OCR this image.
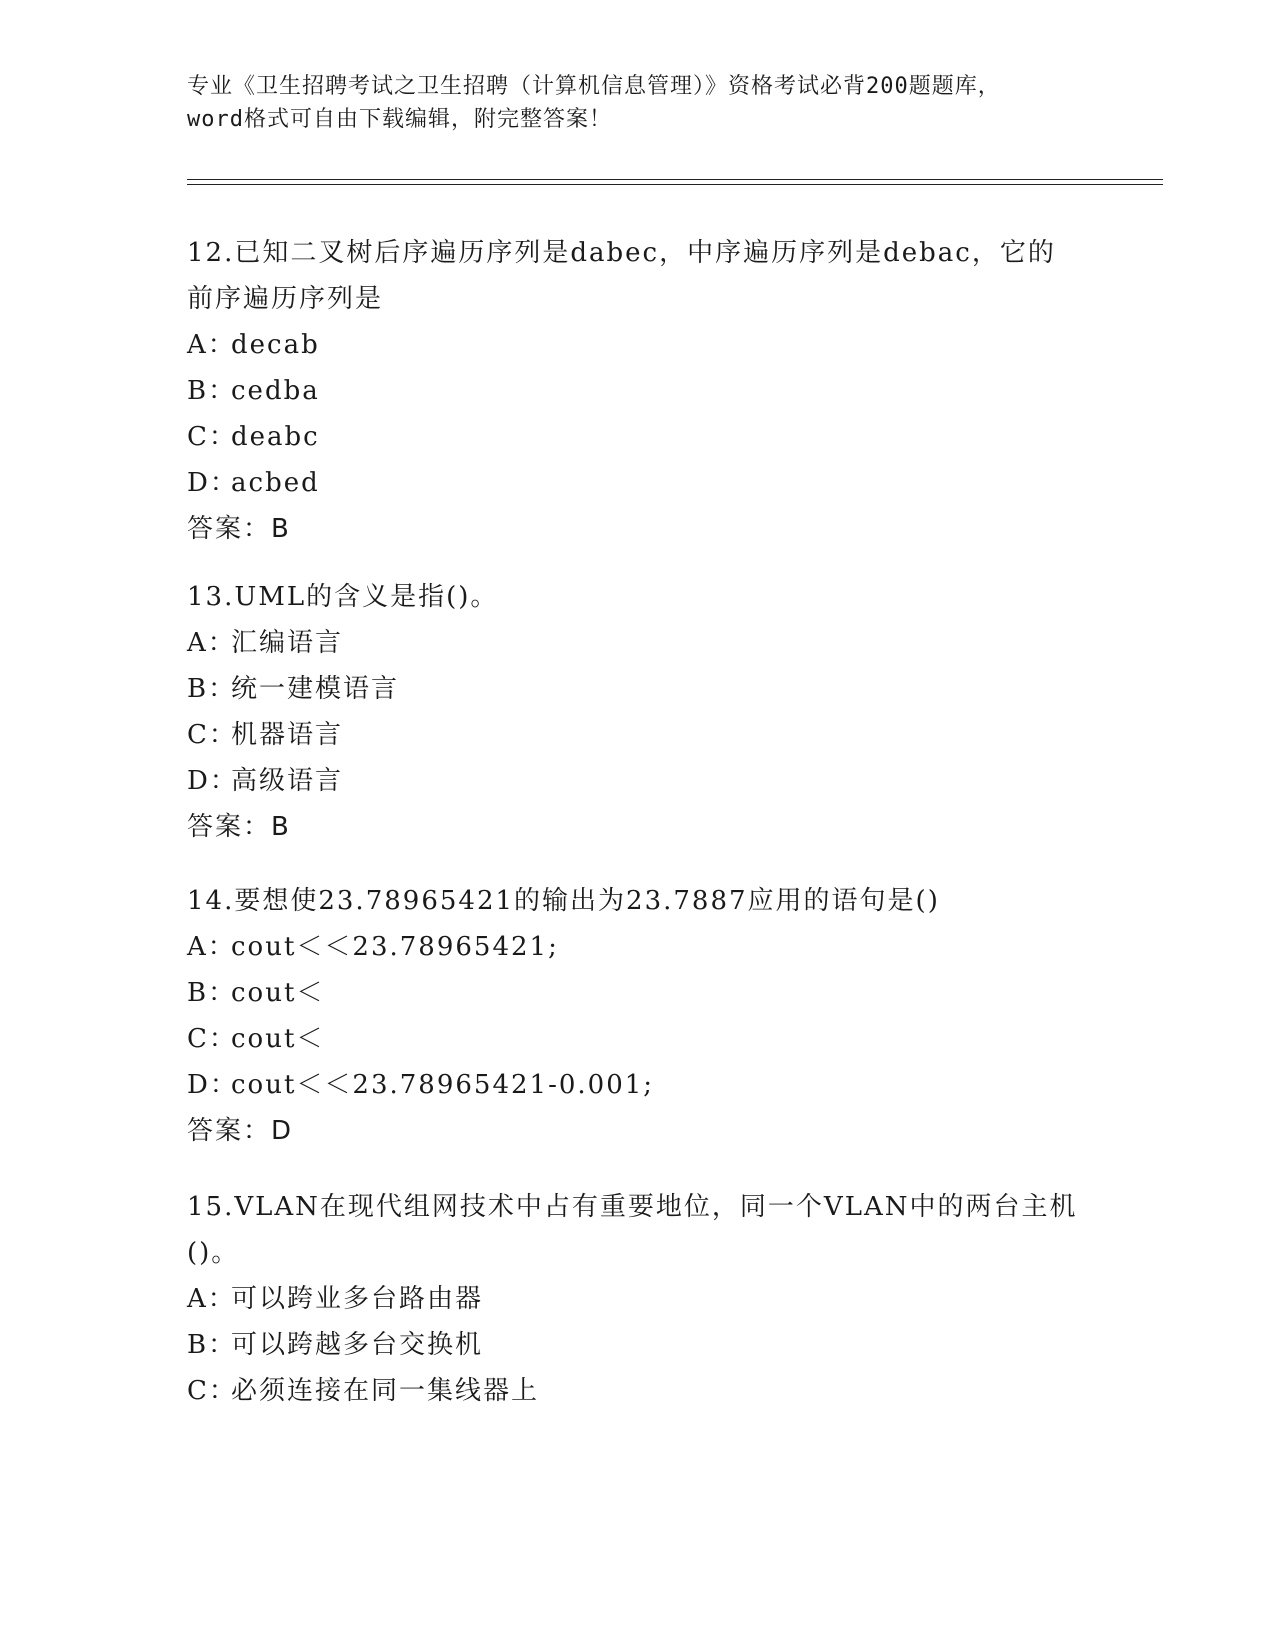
专业《卫生招聘考试之卫生招聘（计算机信息管理）》资格考试必背200题题库，
word格式可自由下载编辑，附完整答案！
12.已知二叉树后序遍历序列是dabec，中序遍历序列是debac，它的
前序遍历序列是
A：decab
B：cedba
C：deabc
D：acbed
答案：B
13.UML的含义是指()。
A：汇编语言
B：统一建模语言
C：机器语言
D：高级语言
答案：B
14.要想使23.78965421的输出为23.7887应用的语句是()
A：cout＜＜23.78965421;
B：cout＜
C：cout＜
D：cout＜＜23.78965421-0.001;
答案：D
15.VLAN在现代组网技术中占有重要地位，同一个VLAN中的两台主机
()。
A：可以跨业多台路由器
B：可以跨越多台交换机
C：必须连接在同一集线器上
